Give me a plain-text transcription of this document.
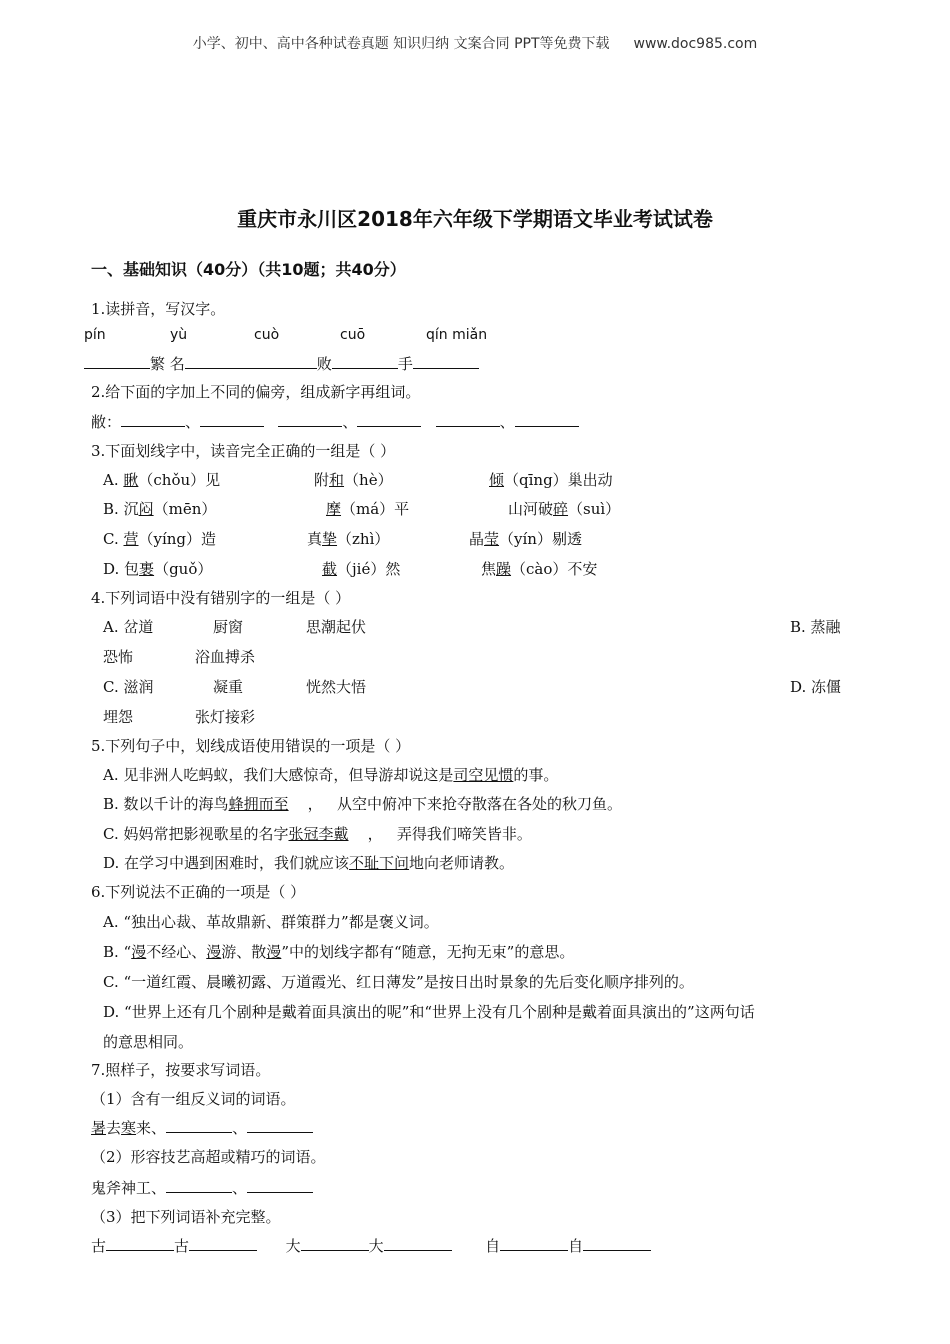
小学、初中、高中各种试卷真题 知识归纳 文案合同 PPT等免费下载 www.doc985.com
重庆市永川区2018年六年级下学期语文毕业考试试卷
一、基础知识（40分）（共10题；共40分）
1.读拼音，写汉字。
pín	yù	cuò	cuō	qín miǎn
繁 名	败	手
2.给下面的字加上不同的偏旁，组成新字再组词。
敝：	、	、	、
3.下面划线字中，读音完全正确的一组是（ ）
A. 瞅（chǒu）见	附和（hè）	倾（qīng）巢出动
B. 沉闷（mēn）	摩（má）平	山河破碎（suì）
C. 营（yíng）造	真挚（zhì）	晶莹（yín）剔透
D. 包裹（guǒ）	截（jié）然	焦躁（cào）不安
4.下列词语中没有错别字的一组是（ ）
A. 岔道	厨窗	思潮起伏	B. 蒸融
恐怖	浴血搏杀
C. 滋润	凝重	恍然大悟	D. 冻僵
埋怨	张灯接彩
5.下列句子中，划线成语使用错误的一项是（ ）
A. 见非洲人吃蚂蚁，我们大感惊奇，但导游却说这是司空见惯的事。
B. 数以千计的海鸟蜂拥而至    ，   从空中俯冲下来抢夺散落在各处的秋刀鱼。
C. 妈妈常把影视歌星的名字张冠李戴    ，   弄得我们啼笑皆非。
D. 在学习中遇到困难时，我们就应该不耻下问地向老师请教。
6.下列说法不正确的一项是（ ）
A. “独出心裁、革故鼎新、群策群力”都是褒义词。
B. “漫不经心、漫游、散漫”中的划线字都有“随意，无拘无束”的意思。
C. “一道红霞、晨曦初露、万道霞光、红日薄发”是按日出时景象的先后变化顺序排列的。
D. “世界上还有几个剧种是戴着面具演出的呢”和“世界上没有几个剧种是戴着面具演出的”这两句话
的意思相同。
7.照样子，按要求写词语。
（1）含有一组反义词的词语。
暑去寒来、	、
（2）形容技艺高超或精巧的词语。
鬼斧神工、	、
（3）把下列词语补充完整。
古	古	大	大	自	自
